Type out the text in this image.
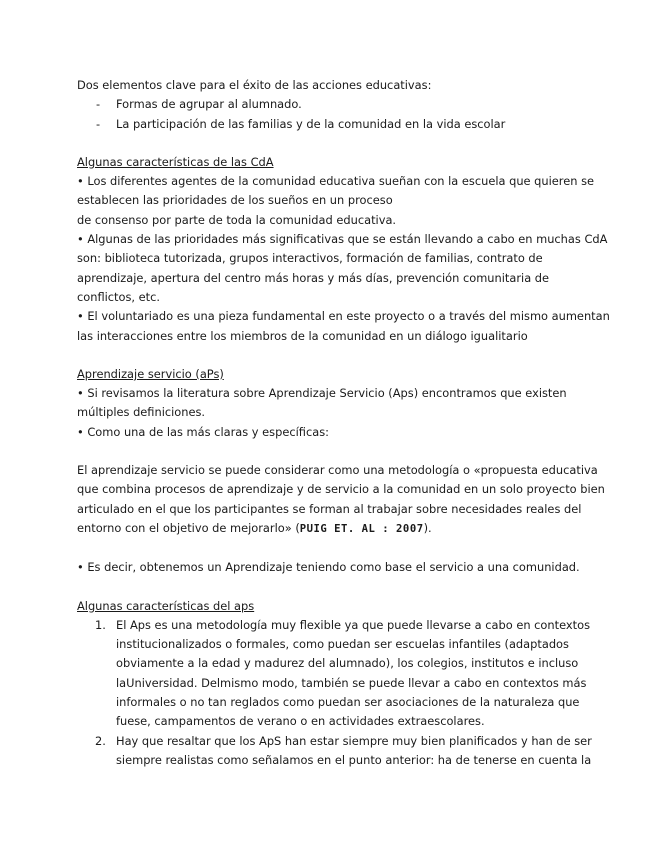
Dos elementos clave para el éxito de las acciones educativas:

- Formas de agrupar al alumnado.

- La participación de las familias y de la comunidad en la vida escolar

Algunas características de las CdA

• Los diferentes agentes de la comunidad educativa sueñan con la escuela que quieren se

establecen las prioridades de los sueños en un proceso

de consenso por parte de toda la comunidad educativa.

• Algunas de las prioridades más significativas que se están llevando a cabo en muchas CdA

son: biblioteca tutorizada, grupos interactivos, formación de familias, contrato de

aprendizaje, apertura del centro más horas y más días, prevención comunitaria de

conflictos, etc.

• El voluntariado es una pieza fundamental en este proyecto o a través del mismo aumentan

las interacciones entre los miembros de la comunidad en un diálogo igualitario

Aprendizaje servicio (aPs)

• Si revisamos la literatura sobre Aprendizaje Servicio (Aps) encontramos que existen

múltiples definiciones.

• Como una de las más claras y específicas:

El aprendizaje servicio se puede considerar como una metodología o «propuesta educativa

que combina procesos de aprendizaje y de servicio a la comunidad en un solo proyecto bien

articulado en el que los participantes se forman al trabajar sobre necesidades reales del

entorno con el objetivo de mejorarlo» (PUIG ET. AL : 2007).

• Es decir, obtenemos un Aprendizaje teniendo como base el servicio a una comunidad.

Algunas características del aps

1. El Aps es una metodología muy flexible ya que puede llevarse a cabo en contextos

institucionalizados o formales, como puedan ser escuelas infantiles (adaptados

obviamente a la edad y madurez del alumnado), los colegios, institutos e incluso

laUniversidad. Delmismo modo, también se puede llevar a cabo en contextos más

informales o no tan reglados como puedan ser asociaciones de la naturaleza que

fuese, campamentos de verano o en actividades extraescolares.

2. Hay que resaltar que los ApS han estar siempre muy bien planificados y han de ser

siempre realistas como señalamos en el punto anterior: ha de tenerse en cuenta la
